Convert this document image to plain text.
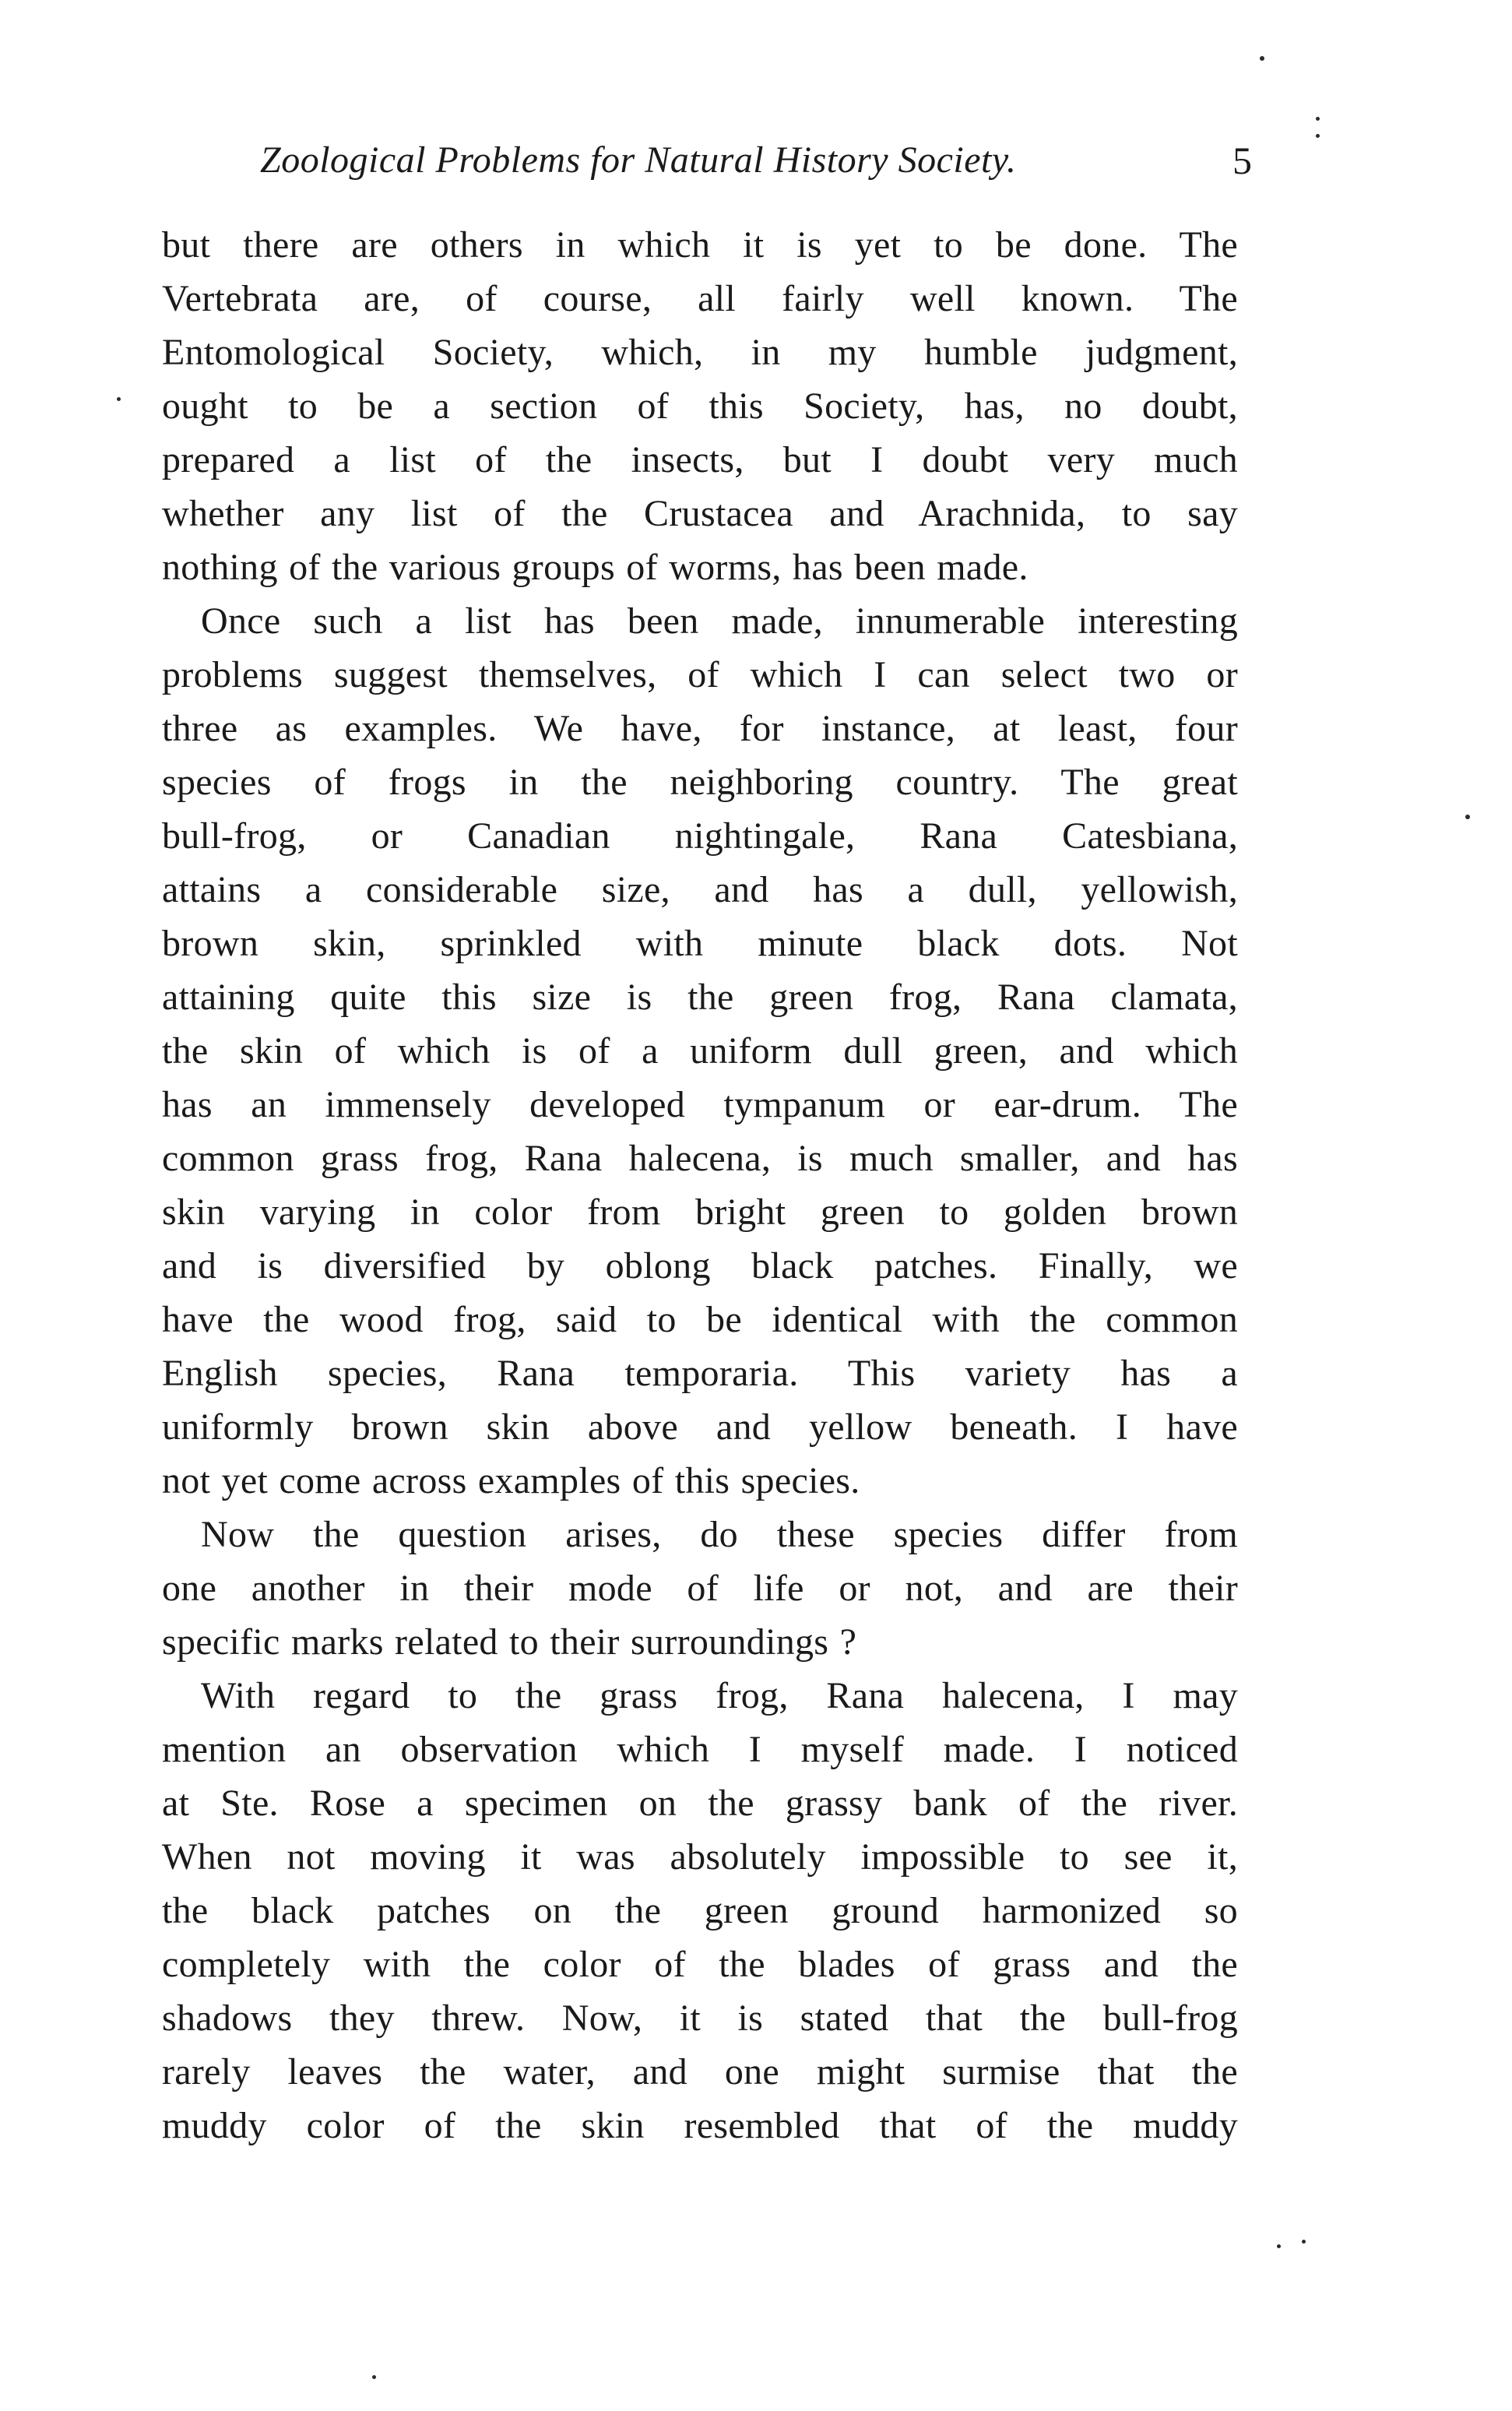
Zoological Problems for Natural History Society.	5
but there are others in which it is yet to be done. The
Vertebrata are, of course, all fairly well known. The
Entomological Society, which, in my humble judgment,
ought to be a section of this Society, has, no doubt,
prepared a list of the insects, but I doubt very much
whether any list of the Crustacea and Arachnida, to say
nothing of the various groups of worms, has been made.
Once such a list has been made, innumerable interesting
problems suggest themselves, of which I can select two or
three as examples. We have, for instance, at least, four
species of frogs in the neighboring country. The great
bull-frog, or Canadian nightingale, Rana Catesbiana,
attains a considerable size, and has a dull, yellowish,
brown skin, sprinkled with minute black dots. Not
attaining quite this size is the green frog, Rana clamata,
the skin of which is of a uniform dull green, and which
has an immensely developed tympanum or ear-drum. The
common grass frog, Rana halecena, is much smaller, and has
skin varying in color from bright green to golden brown
and is diversified by oblong black patches. Finally, we
have the wood frog, said to be identical with the common
English species, Rana temporaria. This variety has a
uniformly brown skin above and yellow beneath. I have
not yet come across examples of this species.
Now the question arises, do these species differ from
one another in their mode of life or not, and are their
specific marks related to their surroundings ?
With regard to the grass frog, Rana halecena, I may
mention an observation which I myself made. I noticed
at Ste. Rose a specimen on the grassy bank of the river.
When not moving it was absolutely impossible to see it,
the black patches on the green ground harmonized so
completely with the color of the blades of grass and the
shadows they threw. Now, it is stated that the bull-frog
rarely leaves the water, and one might surmise that the
muddy color of the skin resembled that of the muddy
